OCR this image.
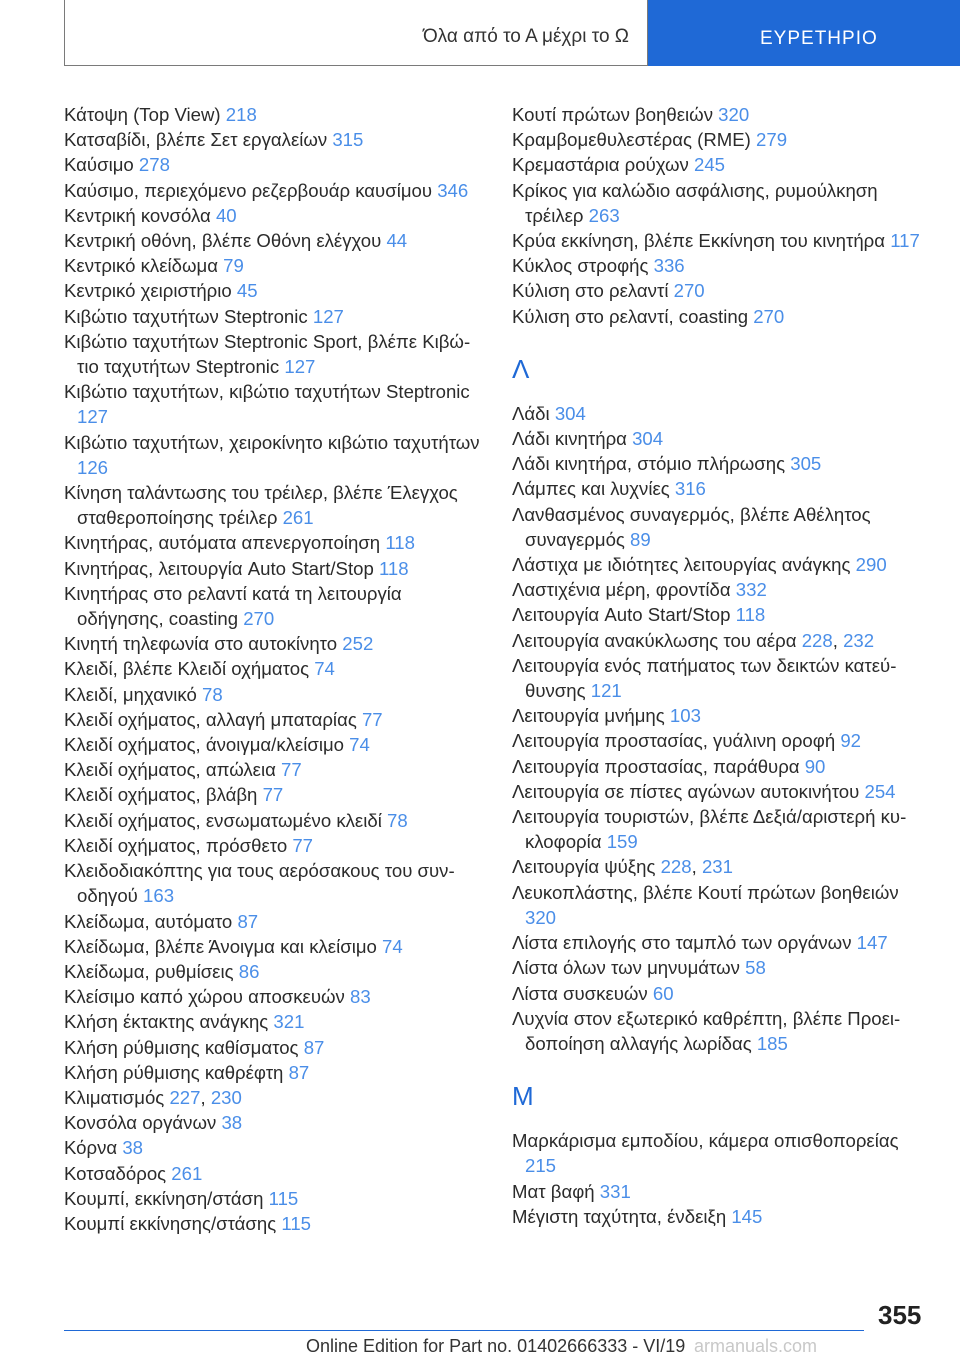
Όλα από το Α μέχρι το Ω	ΕΥΡΕΤΗΡΙΟ
Κάτοψη (Top View) 218
Κατσαβίδι, βλέπε Σετ εργαλείων 315
Καύσιμο 278
Καύσιμο, περιεχόμενο ρεζερβουάρ καυσίμου 346
Κεντρική κονσόλα 40
Κεντρική οθόνη, βλέπε Οθόνη ελέγχου 44
Κεντρικό κλείδωμα 79
Κεντρικό χειριστήριο 45
Κιβώτιο ταχυτήτων Steptronic 127
Κιβώτιο ταχυτήτων Steptronic Sport, βλέπε Κιβώτιο ταχυτήτων Steptronic 127
Κιβώτιο ταχυτήτων, κιβώτιο ταχυτήτων Steptronic 127
Κιβώτιο ταχυτήτων, χειροκίνητο κιβώτιο ταχυτήτων 126
Κίνηση ταλάντωσης του τρέιλερ, βλέπε Έλεγχος σταθεροποίησης τρέιλερ 261
Κινητήρας, αυτόματα απενεργοποίηση 118
Κινητήρας, λειτουργία Auto Start/Stop 118
Κινητήρας στο ρελαντί κατά τη λειτουργία οδήγησης, coasting 270
Κινητή τηλεφωνία στο αυτοκίνητο 252
Κλειδί, βλέπε Κλειδί οχήματος 74
Κλειδί, μηχανικό 78
Κλειδί οχήματος, αλλαγή μπαταρίας 77
Κλειδί οχήματος, άνοιγμα/κλείσιμο 74
Κλειδί οχήματος, απώλεια 77
Κλειδί οχήματος, βλάβη 77
Κλειδί οχήματος, ενσωματωμένο κλειδί 78
Κλειδί οχήματος, πρόσθετο 77
Κλειδοδιακόπτης για τους αερόσακους του συνοδηγού 163
Κλείδωμα, αυτόματο 87
Κλείδωμα, βλέπε Άνοιγμα και κλείσιμο 74
Κλείδωμα, ρυθμίσεις 86
Κλείσιμο καπό χώρου αποσκευών 83
Κλήση έκτακτης ανάγκης 321
Κλήση ρύθμισης καθίσματος 87
Κλήση ρύθμισης καθρέφτη 87
Κλιματισμός 227, 230
Κονσόλα οργάνων 38
Κόρνα 38
Κοτσαδόρος 261
Κουμπί, εκκίνηση/στάση 115
Κουμπί εκκίνησης/στάσης 115
Κουτί πρώτων βοηθειών 320
Κραμβομεθυλεστέρας (RME) 279
Κρεμαστάρια ρούχων 245
Κρίκος για καλώδιο ασφάλισης, ρυμούλκηση τρέιλερ 263
Κρύα εκκίνηση, βλέπε Εκκίνηση του κινητήρα 117
Κύκλος στροφής 336
Κύλιση στο ρελαντί 270
Κύλιση στο ρελαντί, coasting 270
Λ
Λάδι 304
Λάδι κινητήρα 304
Λάδι κινητήρα, στόμιο πλήρωσης 305
Λάμπες και λυχνίες 316
Λανθασμένος συναγερμός, βλέπε Αθέλητος συναγερμός 89
Λάστιχα με ιδιότητες λειτουργίας ανάγκης 290
Λαστιχένια μέρη, φροντίδα 332
Λειτουργία Auto Start/Stop 118
Λειτουργία ανακύκλωσης του αέρα 228, 232
Λειτουργία ενός πατήματος των δεικτών κατεύθυνσης 121
Λειτουργία μνήμης 103
Λειτουργία προστασίας, γυάλινη οροφή 92
Λειτουργία προστασίας, παράθυρα 90
Λειτουργία σε πίστες αγώνων αυτοκινήτου 254
Λειτουργία τουριστών, βλέπε Δεξιά/αριστερή κυκλοφορία 159
Λειτουργία ψύξης 228, 231
Λευκοπλάστης, βλέπε Κουτί πρώτων βοηθειών 320
Λίστα επιλογής στο ταμπλό των οργάνων 147
Λίστα όλων των μηνυμάτων 58
Λίστα συσκευών 60
Λυχνία στον εξωτερικό καθρέπτη, βλέπε Προειδοποίηση αλλαγής λωρίδας 185
Μ
Μαρκάρισμα εμποδίου, κάμερα οπισθοπορείας 215
Ματ βαφή 331
Μέγιστη ταχύτητα, ένδειξη 145
355
Online Edition for Part no. 01402666333 - VI/19 armanuals.com
